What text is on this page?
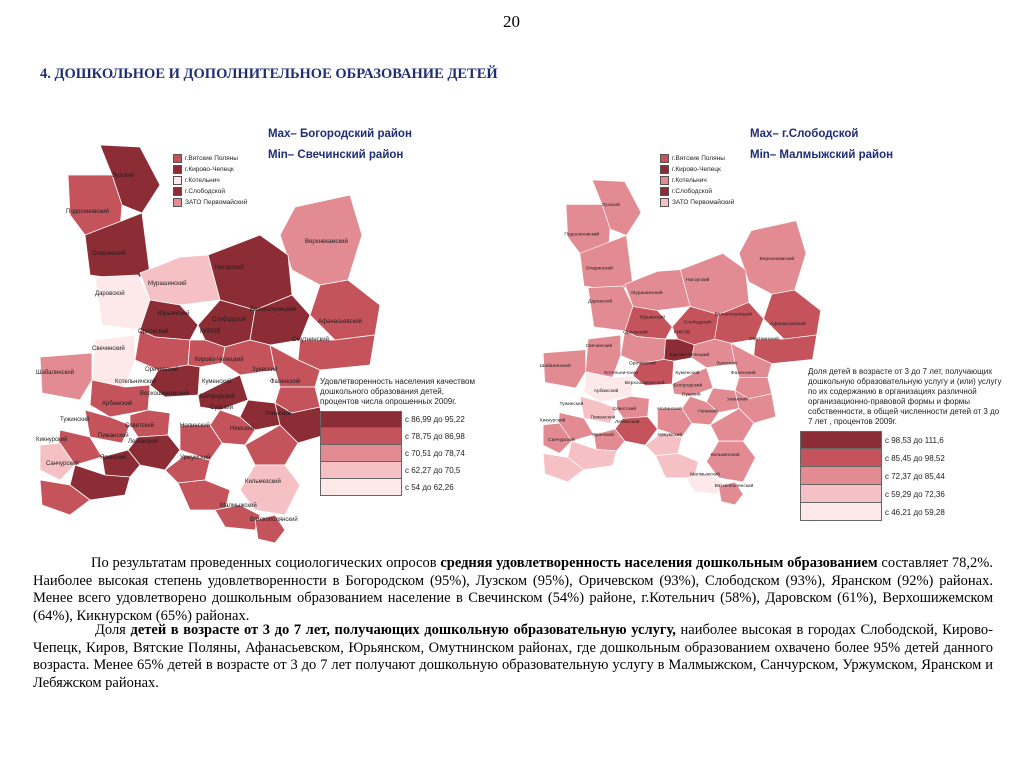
20
4. ДОШКОЛЬНОЕ И ДОПОЛНИТЕЛЬНОЕ ОБРАЗОВАНИЕ ДЕТЕЙ
Лузский
Подосиновский
Опаринский
Верхнекамский
Нагорский
Мурашинский
Даровской
Юрьянский
Слободской
Белохолуницкий
Афанасьевский
Орловский	КИРОВ
Омутнинский
Свечинский
Кирово-Чепецкий
Шабалинский	Оричевский	Зуевский
Котельничский	Куменский	Фаленский
Арбажский
Верхошижемский Богородский
Сунский
Унинский
Тужинский
Советский	Нолинский	Немский
Лебяжский
Кикнурский
Пижанский
Яранский
Санчурский
Уржумский
Кильмезский
Малмыжский
Вятскополянский
г.Вятские Поляны
г.Кирово-Чепецк
г.Котельнич
г.Слободской
ЗАТО Первомайский
Max– Богородский район
Min– Свечинский район
Удовлетворенность населения качеством дошкольного образования детей, процентов числа опрошенных 2009г.
с 86,99 до 95,22
с 78,75 до 86,98
с 70,51 до 78,74
с 62,27 до 70,5
с 54 до 62,26
Лузский
Подосиновский
Опаринский
Верхнекамский
Нагорский
Мурашинский
Даровской
Юрьянский
Слободской
Белохолуницкий
Афанасьевский
Орловский	КИРОВ
Омутнинский
Свечинский
Кирово-Чепецкий
Шабалинский	Оричевский	Зуевский
Котельничский	Куменский	Фаленский
Арбажский
Верхошижемский Богородский
Сунский
Унинский
Тужинский
Советский	Нолинский	Немский
Лебяжский
Кикнурский
Пижанский
Яранский
Санчурский
Уржумский
Кильмезский
Малмыжский
Вятскополянский
г.Вятские Поляны
г.Кирово-Чепецк
г.Котельнич
г.Слободской
ЗАТО Первомайский
Max– г.Слободской
Min– Малмыжский район
Доля детей в возрасте от 3 до 7 лет, получающих дошкольную образовательную услугу и (или) услугу по их содержанию в организациях различной организационно-правовой формы и формы собственности, в общей численности детей от 3 до 7 лет , процентов 2009г.
с 98,53 до 111,6
с 85,45 до 98,52
с 72,37 до 85,44
с 59,29 до 72,36
с 46,21 до 59,28
По результатам проведенных социологических опросов средняя удовлетворенность населения дошкольным образованием составляет 78,2%. Наиболее высокая степень удовлетворенности в Богородском (95%), Лузском (95%), Оричевском (93%), Слободском (93%), Яранском (92%) районах. Менее всего удовлетворено дошкольным образованием население в Свечинском (54%) районе, г.Котельнич (58%), Даровском (61%), Верхошижемском (64%), Кикнурском (65%) районах.
Доля детей в возрасте от 3 до 7 лет, получающих дошкольную образовательную услугу, наиболее высокая в городах Слободской, Кирово-Чепецк, Киров, Вятские Поляны, Афанасьевском, Юрьянском, Омутнинском районах, где дошкольным образованием охвачено более 95% детей данного возраста. Менее 65% детей в возрасте от 3 до 7 лет получают дошкольную образовательную услугу в Малмыжском, Санчурском, Уржумском, Яранском и Лебяжском районах.
